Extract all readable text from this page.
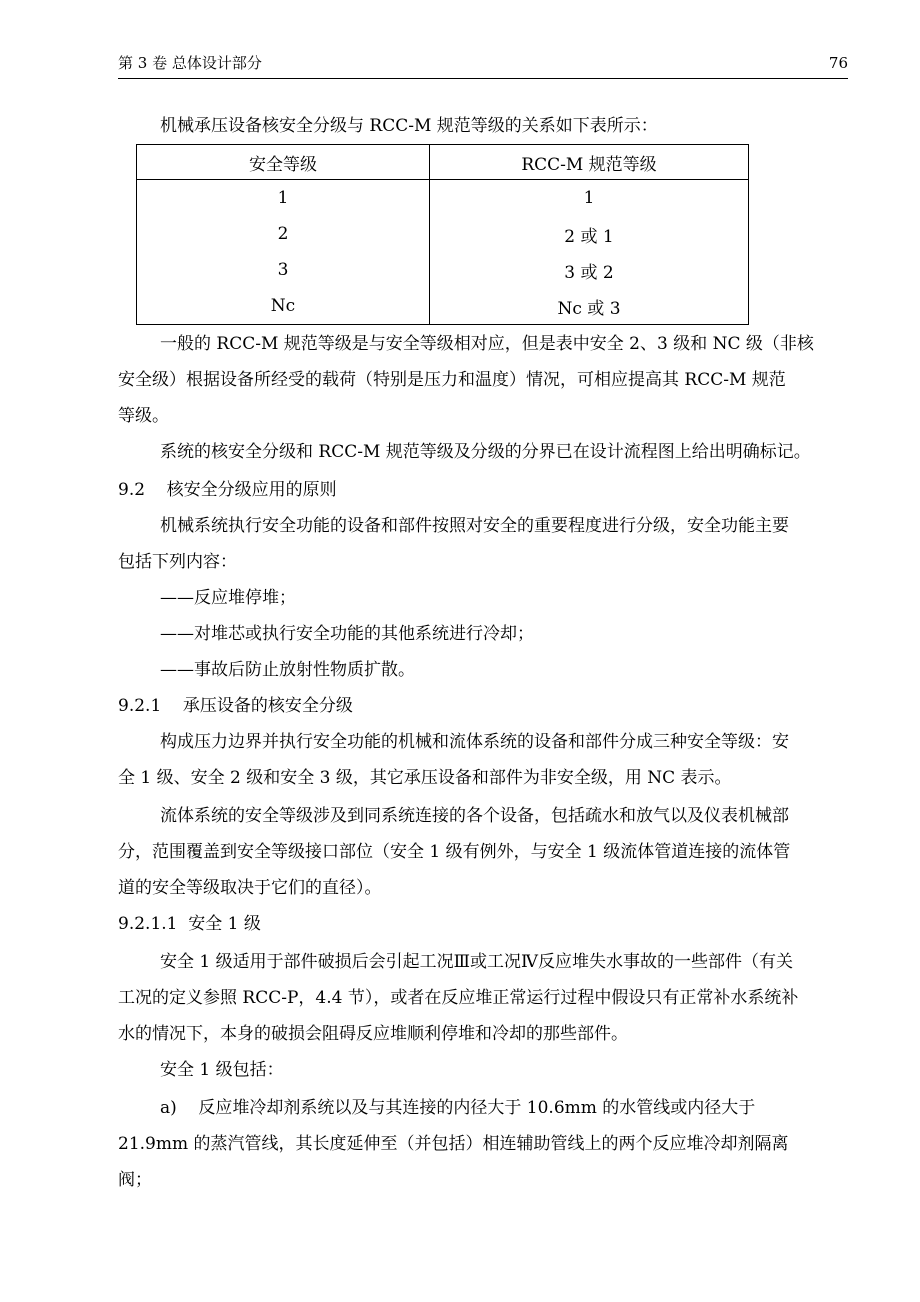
第 3 卷 总体设计部分	76
机械承压设备核安全分级与 RCC-M 规范等级的关系如下表所示：
安全等级	RCC-M 规范等级
1	1
2	2 或 1
3	3 或 2
Nc	Nc 或 3
一般的 RCC-M 规范等级是与安全等级相对应，但是表中安全 2、3 级和 NC 级（非核
安全级）根据设备所经受的载荷（特别是压力和温度）情况，可相应提高其 RCC-M 规范
等级。
系统的核安全分级和 RCC-M 规范等级及分级的分界已在设计流程图上给出明确标记。
9.2    核安全分级应用的原则
机械系统执行安全功能的设备和部件按照对安全的重要程度进行分级，安全功能主要
包括下列内容：
——反应堆停堆；
——对堆芯或执行安全功能的其他系统进行冷却；
——事故后防止放射性物质扩散。
9.2.1    承压设备的核安全分级
构成压力边界并执行安全功能的机械和流体系统的设备和部件分成三种安全等级：安
全 1 级、安全 2 级和安全 3 级，其它承压设备和部件为非安全级，用 NC 表示。
流体系统的安全等级涉及到同系统连接的各个设备，包括疏水和放气以及仪表机械部
分，范围覆盖到安全等级接口部位（安全 1 级有例外，与安全 1 级流体管道连接的流体管
道的安全等级取决于它们的直径）。
9.2.1.1  安全 1 级
安全 1 级适用于部件破损后会引起工况Ⅲ或工况Ⅳ反应堆失水事故的一些部件（有关
工况的定义参照 RCC-P，4.4 节），或者在反应堆正常运行过程中假设只有正常补水系统补
水的情况下，本身的破损会阻碍反应堆顺利停堆和冷却的那些部件。
安全 1 级包括：
a)    反应堆冷却剂系统以及与其连接的内径大于 10.6mm 的水管线或内径大于
21.9mm 的蒸汽管线，其长度延伸至（并包括）相连辅助管线上的两个反应堆冷却剂隔离
阀；
